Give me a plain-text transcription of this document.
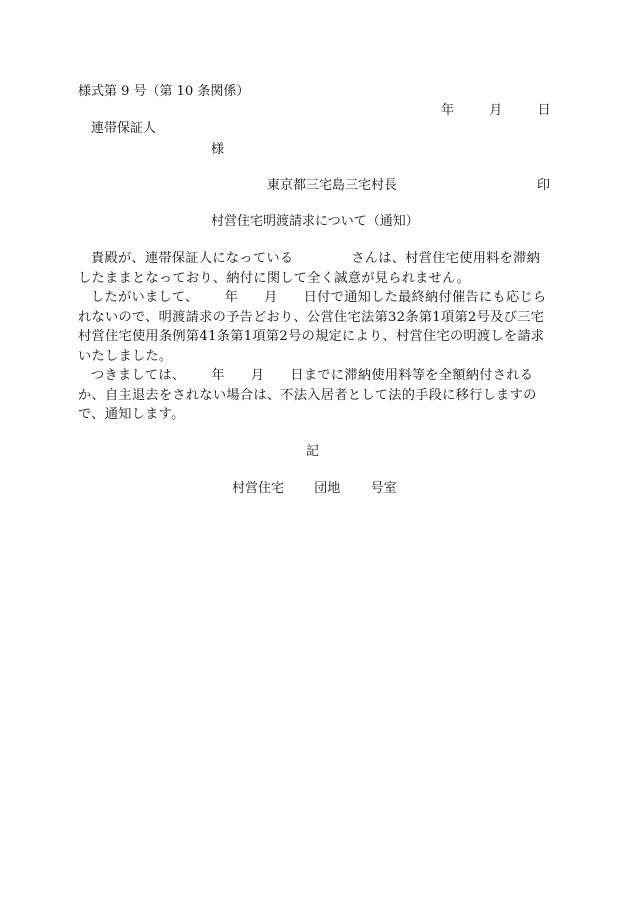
様式第 9 号（第 10 条関係）
年	月	日
連帯保証人
様
東京都三宅島三宅村長	印
村営住宅明渡請求について（通知）

貴殿が、連帯保証人になっている	さんは、村営住宅使用料を滞納したままとなっており、納付に関して全く誠意が見られません。

したがいまして、 年 月 日付で通知した最終納付催告にも応じられないので、明渡請求の予告どおり、公営住宅法第32条第1項第2号及び三宅村営住宅使用条例第41条第1項第2号の規定により、村営住宅の明渡しを請求いたしました。

つきましては、 年 月 日までに滞納使用料等を全額納付されるか、自主退去をされない場合は、不法入居者として法的手段に移行しますので、通知します。

記
村営住宅 団地 号室
